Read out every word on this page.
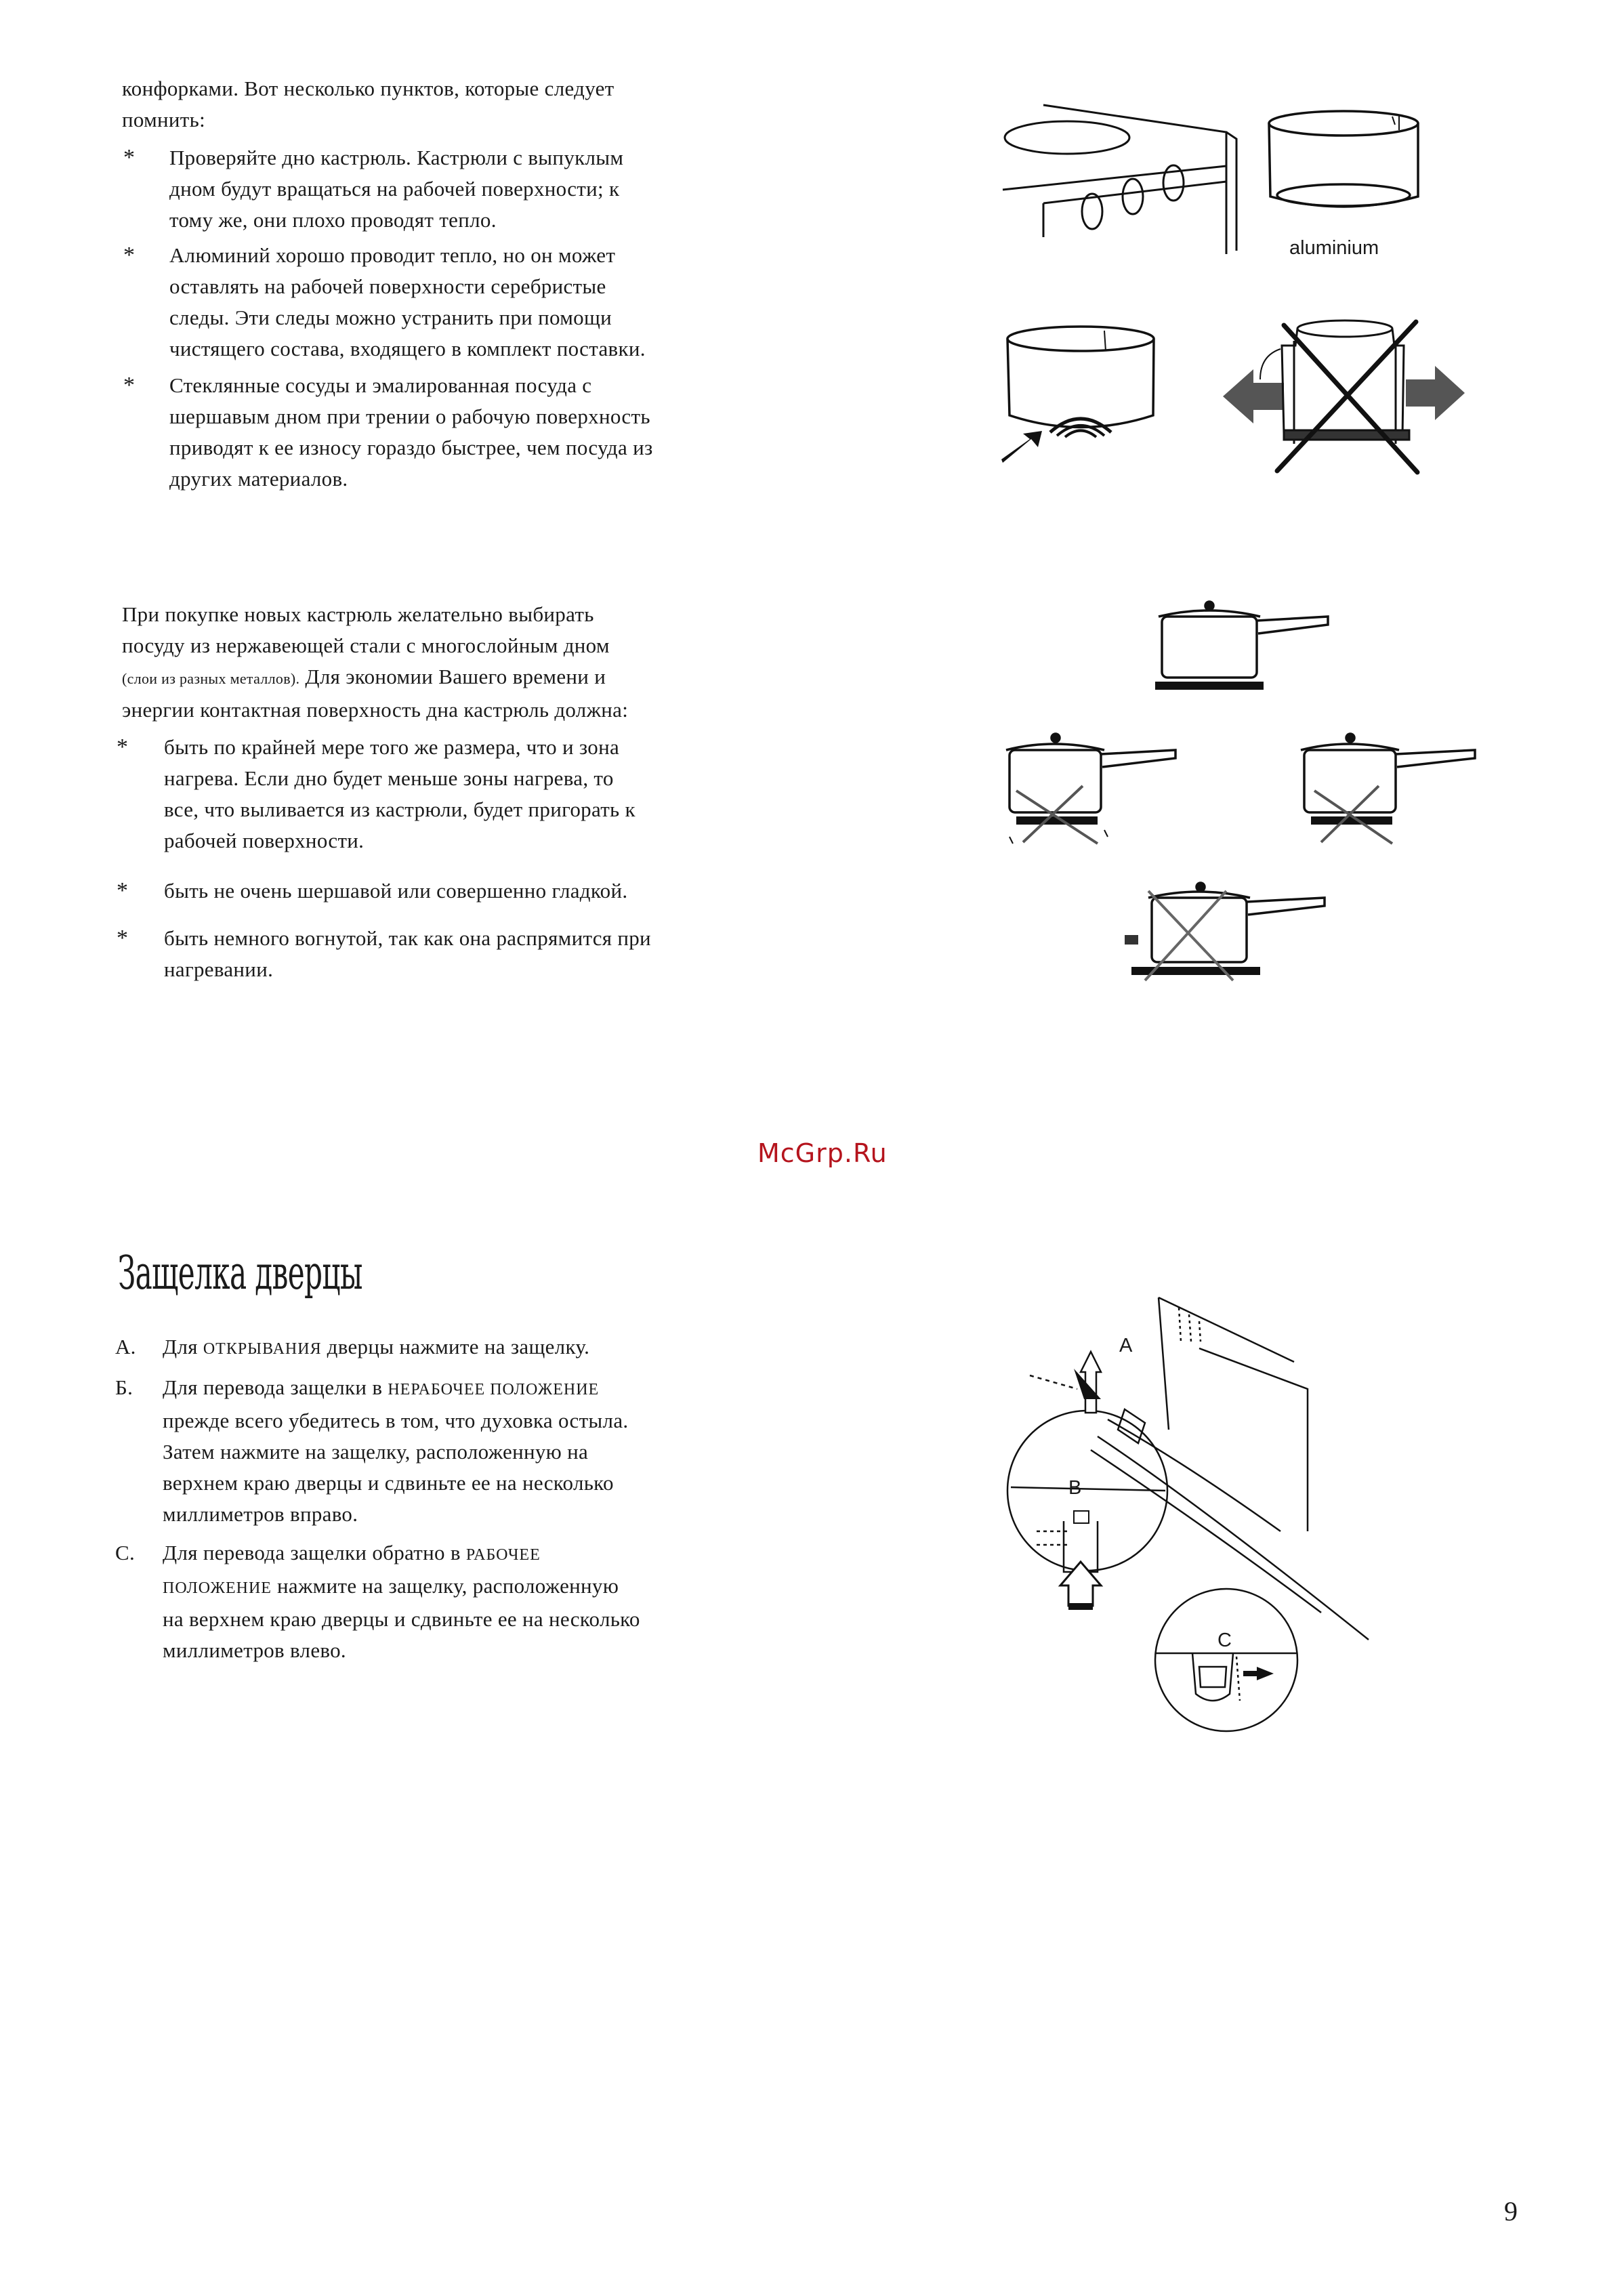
конфорками. Вот несколько пунктов, которые следует
помнить:
* Проверяйте дно кастрюль. Кастрюли с выпуклым
дном будут вращаться на рабочей поверхности; к
тому же, они плохо проводят тепло.
* Алюминий хорошо проводит тепло, но он может
оставлять на рабочей поверхности серебристые
следы. Эти следы можно устранить при помощи
чистящего состава, входящего в комплект поставки.
* Стеклянные сосуды и эмалированная посуда с
шершавым дном при трении о рабочую поверхность
приводят к ее износу гораздо быстрее, чем посуда из
других материалов.
При покупке новых кастрюль желательно выбирать
посуду из нержавеющей стали с многослойным дном
(слои из разных металлов). Для экономии Вашего времени и
энергии контактная поверхность дна кастрюль должна:
* быть по крайней мере того же размера, что и зона
нагрева. Если дно будет меньше зоны нагрева, то
все, что выливается из кастрюли, будет пригорать к
рабочей поверхности.
* быть не очень шершавой или совершенно гладкой.
* быть немного вогнутой, так как она распрямится при
нагревании.
aluminium
McGrp.Ru
Защелка дверцы
A. Для ОТКРЫВАНИЯ дверцы нажмите на защелку.
Б. Для перевода защелки в НЕРАБОЧЕЕ ПОЛОЖЕНИЕ
прежде всего убедитесь в том, что духовка остыла.
Затем нажмите на защелку, расположенную на
верхнем краю дверцы и сдвиньте ее на несколько
миллиметров вправо.
C. Для перевода защелки обратно в РАБОЧЕЕ
ПОЛОЖЕНИЕ нажмите на защелку, расположенную
на верхнем краю дверцы и сдвиньте ее на несколько
миллиметров влево.
A
B
C
9
